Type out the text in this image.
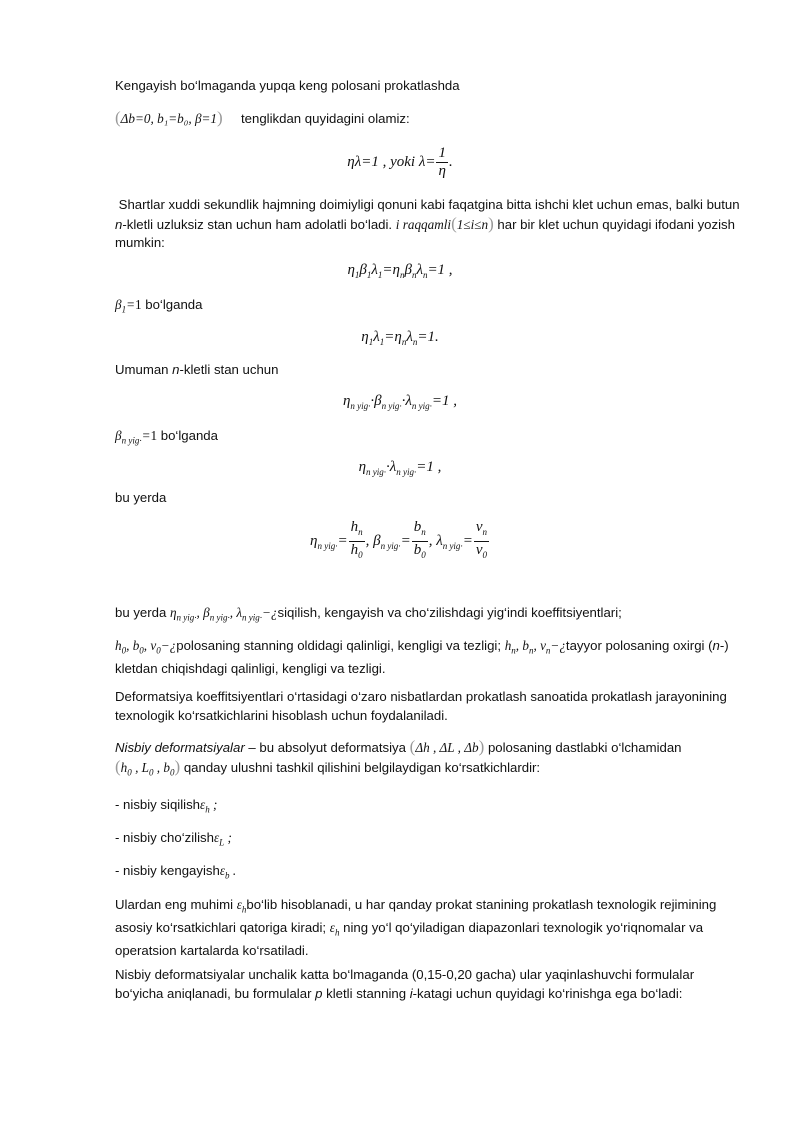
Kengayish bo‘lmaganda yupqa keng polosani prokatlashda
(Δb=0, b₁=b₀, β=1) tenglikdan quyidagini olamiz:
ηλ=1 , yoki $\lambda= \frac{1}{\eta}$ .
Shartlar xuddi sekundlik hajmning doimiyligi qonuni kabi faqatgina bitta ishchi klet uchun emas, balki butun n-kletli uzluksiz stan uchun ham adolatli bo‘ladi. i raqqamli(1≤i≤n) har bir klet uchun quyidagi ifodani yozish mumkin:
$\eta_1\beta_1\lambda_1=\eta_n\beta_n\lambda_n=1$ ,
$\beta_1=1$ bo‘lganda
$\eta_1\lambda_1=\eta_n\lambda_n=1$.
Umuman n-kletli stan uchun
$\eta_{n yig\cdot}\cdot\beta_{n yig\cdot}\cdot\lambda_{n yig\cdot}=1$ ,
$\beta_{n yig\cdot}=1$ bo‘lganda
$\eta_{n yig\cdot}\cdot\lambda_{n yig\cdot}=1$ ,
bu yerda
$\eta_{n yig\cdot}= \frac{h_n}{h_0}$ , $\beta_{n yig\cdot}= \frac{b_n}{b_0}$ , $\lambda_{n yig\cdot}= \frac{v_n}{v_0}$
bu yerda $\eta_{n yig\cdot}$, $\beta_{n yig\cdot}$, $\lambda_{n yig\cdot}-¿siqilish$, kengayish va cho‘zilishdagi yig‘indi koeffitsiyentlari;
$h_0$, $b_0$, $v_0-¿polosaning$ stanning oldidagi qalinligi, kengligi va tezligi; $h_n$, $b_n$, $v_n-¿tayyor$ polosaning oxirgi (n-) kletdan chiqishdagi qalinligi, kengligi va tezligi.
Deformatsiya koeffitsiyentlari o‘rtasidagi o‘zaro nisbatlardan prokatlash sanoatida prokatlash jarayonining texnologik ko‘rsatkichlarini hisoblash uchun foydalaniladi.
Nisbiy deformatsiyalar – bu absolyut deformatsiya (Δh , ΔL , Δb) polosaning dastlabki o‘lchamidan
($h_0$ , $L_0$ , $b_0$) qanday ulushni tashkil qilishini belgilaydigan ko‘rsatkichlardir:
- nisbiy siqilishε$_h$ ;
- nisbiy cho‘zilishε$_L$ ;
- nisbiy kengayishε$_b$ .
Ulardan eng muhimi $\varepsilon_hbo‘lib$ hisoblanadi, u har qanday prokat stanining prokatlash texnologik rejimining asosiy ko‘rsatkichlari qatoriga kiradi; $\varepsilon_h$ ning yo‘l qo‘yiladigan diapazonlari texnologik yo‘riqnomalar va operatsion kartalarda ko‘rsatiladi.
Nisbiy deformatsiyalar unchalik katta bo‘lmaganda (0,15-0,20 gacha) ular yaqinlashuvchi formulalar bo‘yicha aniqlanadi, bu formulalar p kletli stanning i-katagi uchun quyidagi ko‘rinishga ega bo‘ladi:
